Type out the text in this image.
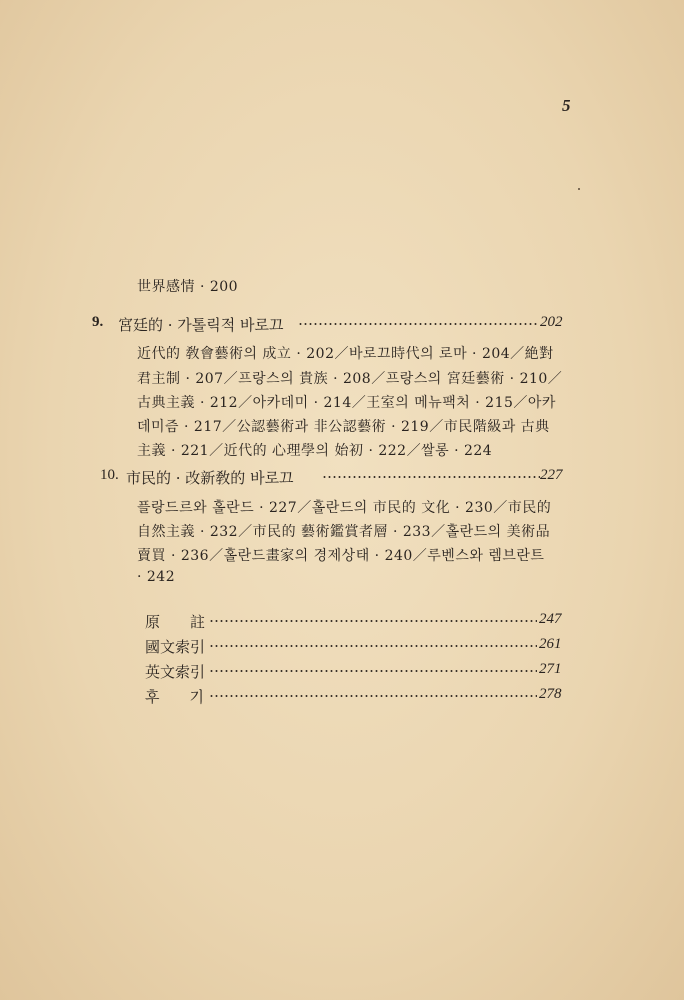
5
世界感情 · 200
9. 宮廷的 · 가톨릭적 바로끄	202
近代的 敎會藝術의 成立 · 202／바로끄時代의 로마 · 204／絶對
君主制 · 207／프랑스의 貴族 · 208／프랑스의 宮廷藝術 · 210／
古典主義 · 212／아카데미 · 214／王室의 메뉴팩처 · 215／아카
데미즘 · 217／公認藝術과 非公認藝術 · 219／市民階級과 古典
主義 · 221／近代的 心理學의 始初 · 222／쌀롱 · 224
10. 市民的 · 改新敎的 바로끄	227
플랑드르와 홀란드 · 227／홀란드의 市民的 文化 · 230／市民的
自然主義 · 232／市民的 藝術鑑賞者層 · 233／홀란드의 美術品
賣買 · 236／홀란드畫家의 경제상태 · 240／루벤스와 렘브란트
· 242
原　　註	247
國文索引	261
英文索引	271
후　　기	278
